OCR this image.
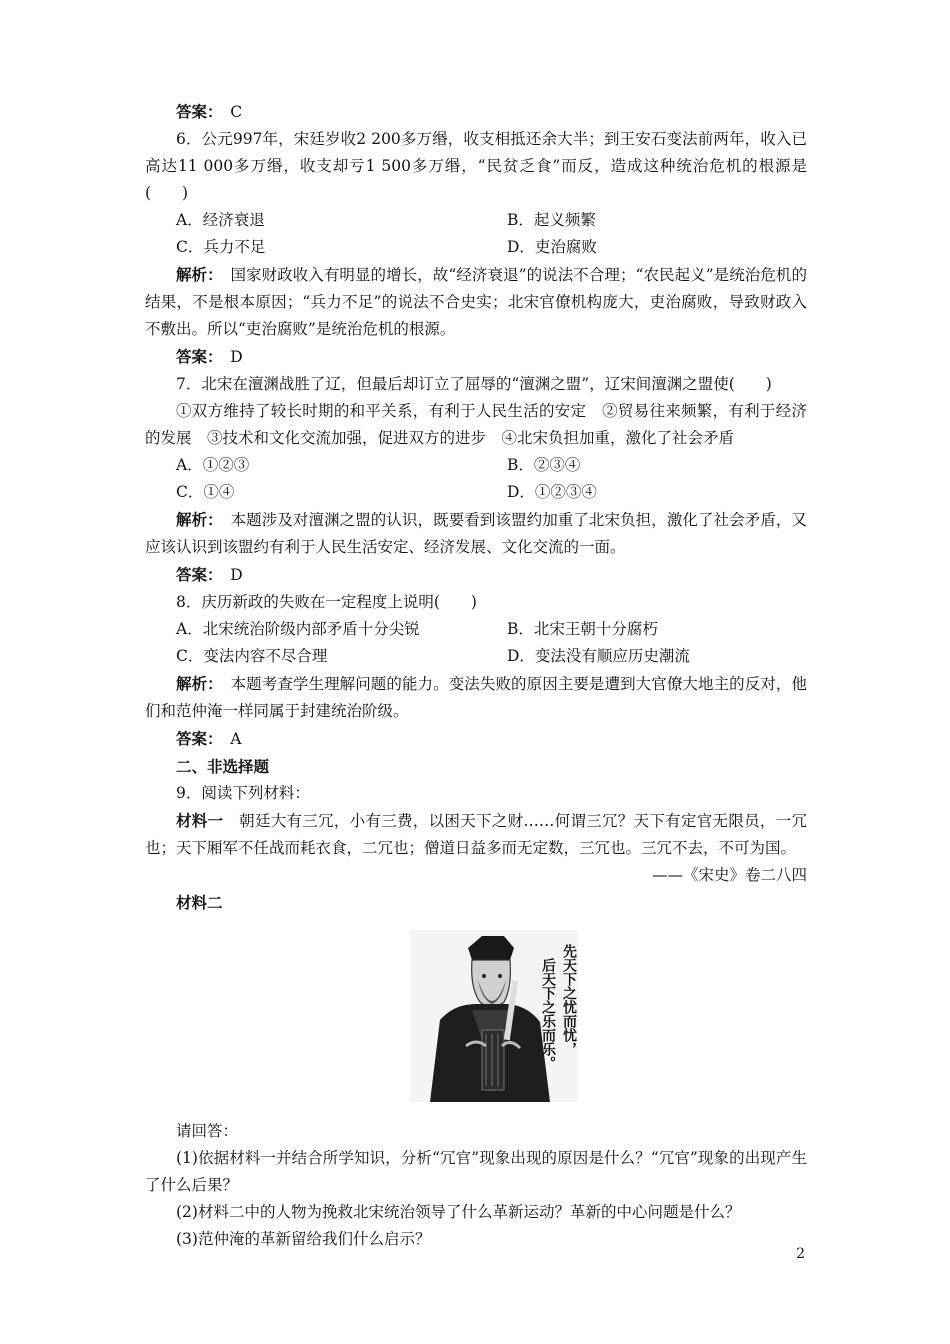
答案：　 C

6．公元997年，宋廷岁收2 200多万缗，收支相抵还余大半；到王安石变法前两年，收入已高达11 000多万缗，收支却亏1 500多万缗，“民贫乏食”而反，造成这种统治危机的根源是(　　)

A．经济衰退	B．起义频繁
C．兵力不足	D．吏治腐败

解析：　国家财政收入有明显的增长，故“经济衰退”的说法不合理；“农民起义”是统治危机的结果，不是根本原因；“兵力不足”的说法不合史实；北宋官僚机构庞大，吏治腐败，导致财政入不敷出。所以“吏治腐败”是统治危机的根源。

答案：　 D

7．北宋在澶渊战胜了辽，但最后却订立了屈辱的“澶渊之盟”，辽宋间澶渊之盟使(　　)

①双方维持了较长时期的和平关系，有利于人民生活的安定　②贸易往来频繁，有利于经济的发展　③技术和文化交流加强，促进双方的进步　④北宋负担加重，激化了社会矛盾

A．①②③	B．②③④
C．①④	D．①②③④

解析：　本题涉及对澶渊之盟的认识，既要看到该盟约加重了北宋负担，激化了社会矛盾，又应该认识到该盟约有利于人民生活安定、经济发展、文化交流的一面。

答案：　 D

8．庆历新政的失败在一定程度上说明(　　)

A．北宋统治阶级内部矛盾十分尖锐	B．北宋王朝十分腐朽
C．变法内容不尽合理	D．变法没有顺应历史潮流

解析：　本题考查学生理解问题的能力。变法失败的原因主要是遭到大官僚大地主的反对，他们和范仲淹一样同属于封建统治阶级。

答案：　 A

二、非选择题

9．阅读下列材料：

材料一　朝廷大有三冗，小有三费，以困天下之财……何谓三冗？天下有定官无限员，一冗也；天下厢军不任战而耗衣食，二冗也；僧道日益多而无定数，三冗也。三冗不去，不可为国。

——《宋史》卷二八四

材料二

先天下之忧而忧，
后天下之乐而乐。

请回答：

(1)依据材料一并结合所学知识，分析“冗官”现象出现的原因是什么？“冗官”现象的出现产生了什么后果？

(2)材料二中的人物为挽救北宋统治领导了什么革新运动？革新的中心问题是什么？

(3)范仲淹的革新留给我们什么启示？

2
